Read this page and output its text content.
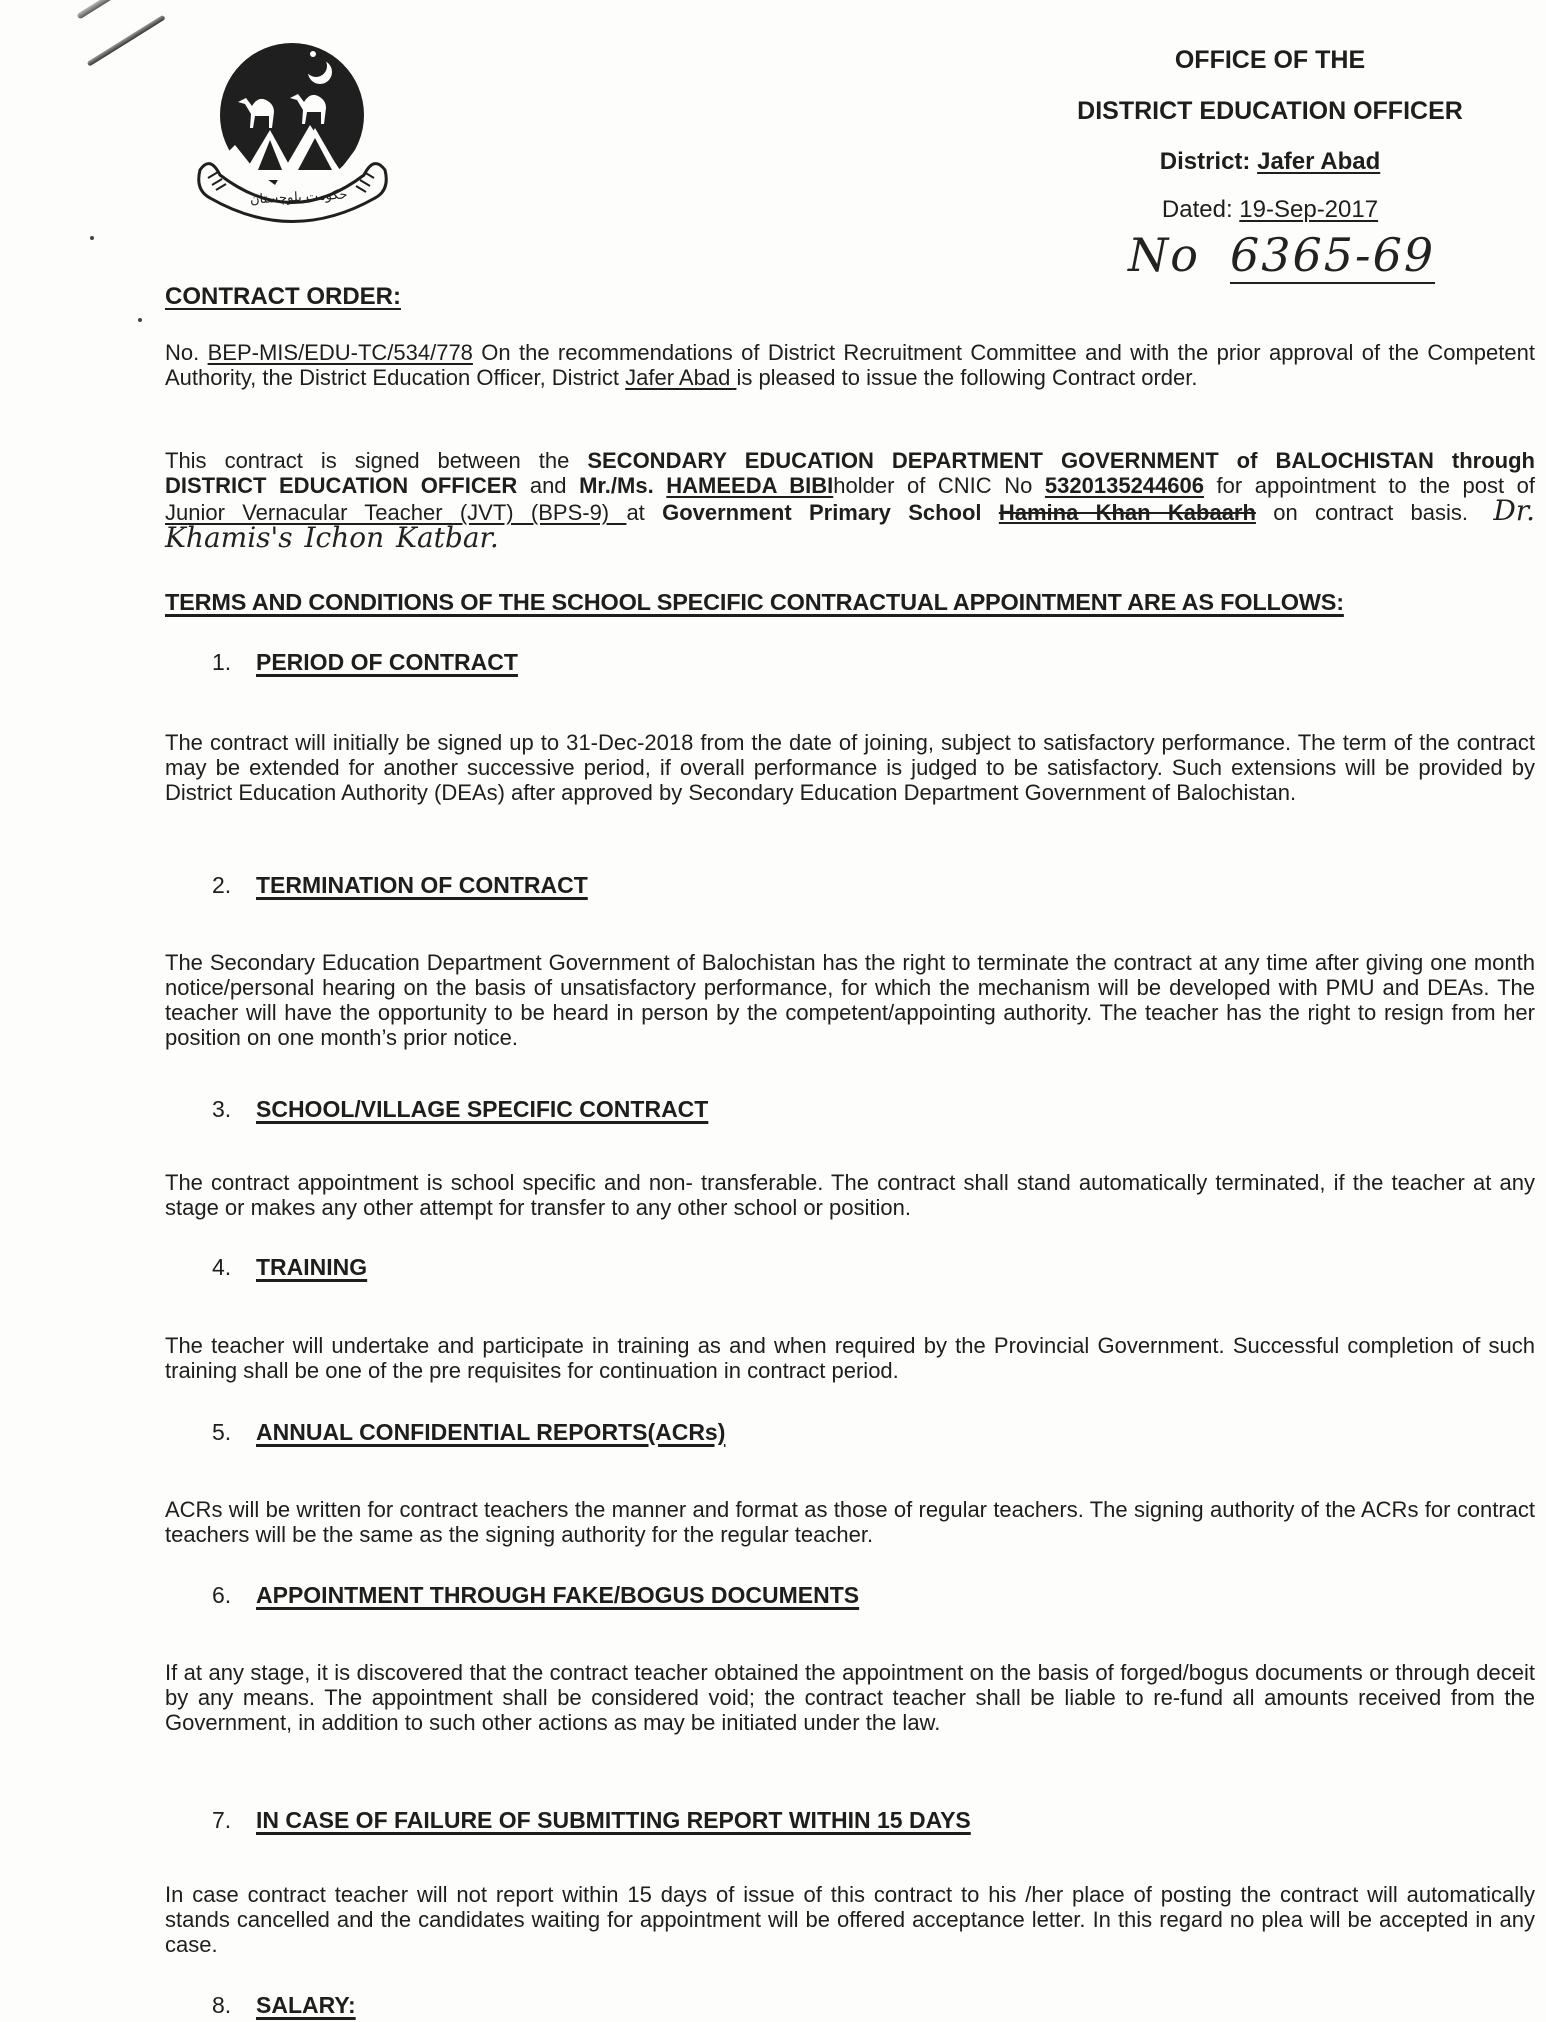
حکومت بلوچستان
OFFICE OF THE
DISTRICT EDUCATION OFFICER
District: Jafer Abad
Dated: 19-Sep-2017
No 6365-69
CONTRACT ORDER:
No. BEP-MIS/EDU-TC/534/778 On the recommendations of District Recruitment Committee and with the prior approval of the Competent Authority, the District Education Officer, District Jafer Abad is pleased to issue the following Contract order.
This contract is signed between the SECONDARY EDUCATION DEPARTMENT GOVERNMENT of BALOCHISTAN through DISTRICT EDUCATION OFFICER and Mr./Ms. HAMEEDA BIBIholder of CNIC No 5320135244606 for appointment to the post of Junior Vernacular Teacher (JVT) (BPS-9) at Government Primary School Hamina Khan Kabaarh on contract basis. Dr. Khamis's Ichon Katbar.
TERMS AND CONDITIONS OF THE SCHOOL SPECIFIC CONTRACTUAL APPOINTMENT ARE AS FOLLOWS:
1. PERIOD OF CONTRACT
The contract will initially be signed up to 31-Dec-2018 from the date of joining, subject to satisfactory performance. The term of the contract may be extended for another successive period, if overall performance is judged to be satisfactory. Such extensions will be provided by District Education Authority (DEAs) after approved by Secondary Education Department Government of Balochistan.
2. TERMINATION OF CONTRACT
The Secondary Education Department Government of Balochistan has the right to terminate the contract at any time after giving one month notice/personal hearing on the basis of unsatisfactory performance, for which the mechanism will be developed with PMU and DEAs. The teacher will have the opportunity to be heard in person by the competent/appointing authority. The teacher has the right to resign from her position on one month’s prior notice.
3. SCHOOL/VILLAGE SPECIFIC CONTRACT
The contract appointment is school specific and non- transferable. The contract shall stand automatically terminated, if the teacher at any stage or makes any other attempt for transfer to any other school or position.
4. TRAINING
The teacher will undertake and participate in training as and when required by the Provincial Government. Successful completion of such training shall be one of the pre requisites for continuation in contract period.
5. ANNUAL CONFIDENTIAL REPORTS(ACRs)
ACRs will be written for contract teachers the manner and format as those of regular teachers. The signing authority of the ACRs for contract teachers will be the same as the signing authority for the regular teacher.
6. APPOINTMENT THROUGH FAKE/BOGUS DOCUMENTS
If at any stage, it is discovered that the contract teacher obtained the appointment on the basis of forged/bogus documents or through deceit by any means. The appointment shall be considered void; the contract teacher shall be liable to re-fund all amounts received from the Government, in addition to such other actions as may be initiated under the law.
7. IN CASE OF FAILURE OF SUBMITTING REPORT WITHIN 15 DAYS
In case contract teacher will not report within 15 days of issue of this contract to his /her place of posting the contract will automatically stands cancelled and the candidates waiting for appointment will be offered acceptance letter. In this regard no plea will be accepted in any case.
8. SALARY:
